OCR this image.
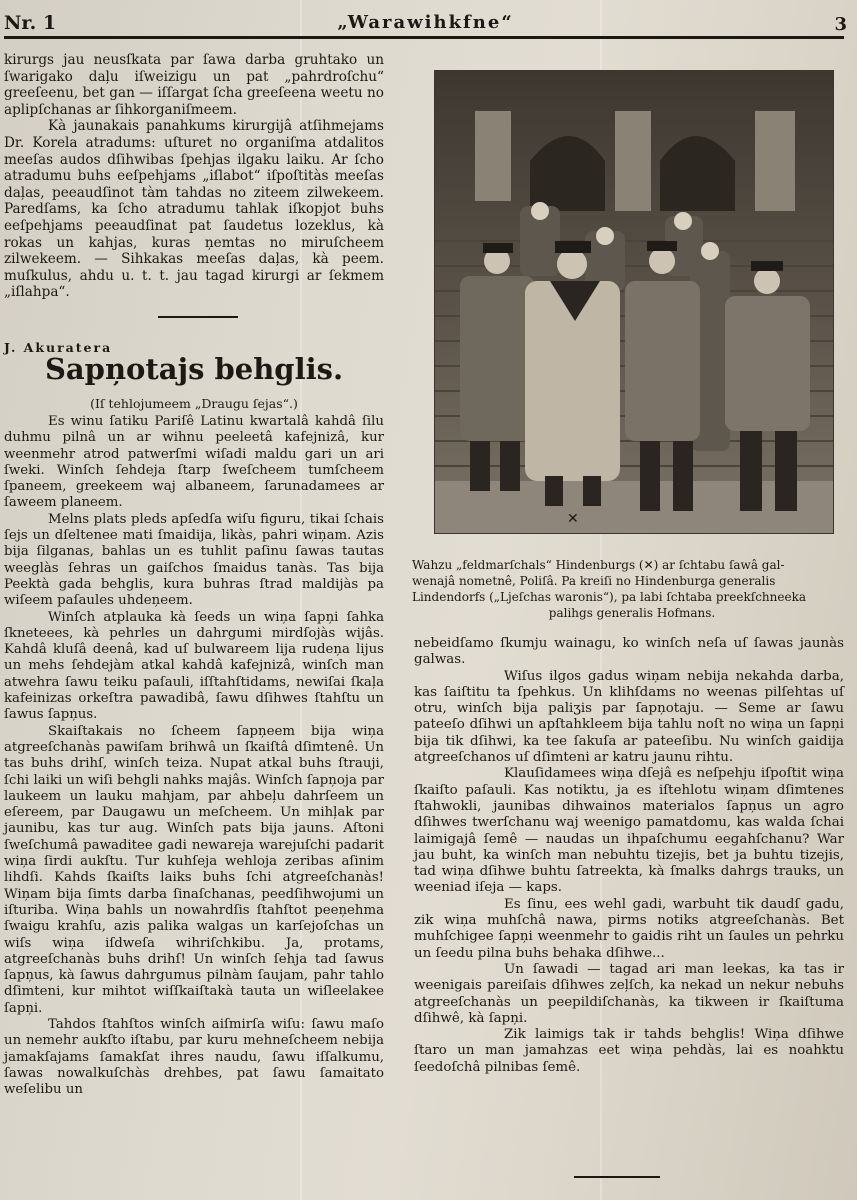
Nr. 1	„Warawihkfne“	3

kirurgs jau neusſkata par ſawa darba gruhtako un ſwarigako daļu iſweizigu un pat „pahrdroſchu“ greeſeenu, bet gan — iſſargat ſcha greeſeena weetu no aplipſchanas ar ſihkorganiſmeem.

Kà jaunakais panahkums kirurgijâ atſihmejams Dr. Korela atradums: uſturet no organiſma atdalitos meeſas audos dſihwibas ſpehjas ilgaku laiku. Ar ſcho atradumu buhs eeſpehjams „iſlabot“ iſpoſtitàs meeſas daļas, peeaudſinot tàm tahdas no ziteem zilwekeem. Paredſams, ka ſcho atradumu tahlak iſkopjot buhs eeſpehjams peeaudſinat pat ſaudetus lozeklus, kà rokas un kahjas, kuras ņemtas no miruſcheem zilwekeem. — Sihkakas meeſas daļas, kà peem. muſkulus, ahdu u. t. t. jau tagad kirurgi ar ſekmem „iſlahpa“.

J. Akuratera
Sapņotajs behglis.
(Iſ tehlojumeem „Draugu ſejas“.)

Es winu ſatiku Pariſê Latinu kwartalâ kahdâ ſilu duhmu pilnâ un ar wihnu peeleetâ kafejnizâ, kur weenmehr atrod patwerſmi wiſadi maldu gari un ari ſweki. Winſch ſehdeja ſtarp ſweſcheem tumſcheem ſpaneem, greekeem waj albaneem, ſarunadamees ar ſaweem planeem.

Melns plats pleds apſedſa wiſu figuru, tikai ſchais ſejs un dſeltenee mati ſmaidija, likàs, pahri wiņam. Azis bija ſilganas, bahlas un es tuhlit paſinu ſawas tautas weeglàs ſehras un gaiſchos ſmaidus tanàs. Tas bija Peektà gada behglis, kura buhras ſtrad maldijàs pa wiſeem paſaules uhdeņeem.

Winſch atplauka kà ſeeds un wiņa ſapņi ſahka ſkneteees, kà pehrles un dahrgumi mirdſojàs wijâs. Kahdâ kluſâ deenâ, kad uſ bulwareem lija rudeņa lijus un mehs ſehdejàm atkal kahdâ kafejnizâ, winſch man atwehra ſawu teiku paſauli, iſſtahſtidams, newiſai ſkaļa kafeinizas orkeſtra pawadibâ, ſawu dſihwes ſtahſtu un ſawus ſapņus.

Skaiſtakais no ſcheem ſapņeem bija wiņa atgreeſchanàs pawiſam brihwâ un ſkaiſtâ dſimtenê. Un tas buhs drihſ, winſch teiza. Nupat atkal buhs ſtrauji, ſchi laiki un wiſi behgli nahks majâs. Winſch ſapņoja par laukeem un lauku mahjam, par ahbeļu dahrſeem un eſereem, par Daugawu un meſcheem. Un mihļak par jaunibu, kas tur aug. Winſch pats bija jauns. Aſtoni ſweſchumâ pawaditee gadi newareja warejuſchi padarit wiņa ſirdi aukſtu. Tur kuhſeja wehloja zeribas aſinim lihdſi. Kahds ſkaiſts laiks buhs ſchi atgreeſchanàs! Wiņam bija ſimts darba ſinaſchanas, peedſihwojumi un iſturiba. Wiņa bahls un nowahrdſis ſtahſtot peeņehma ſwaigu krahſu, azis palika walgas un karſejoſchas un wiſs wiņa iſdweſa wihriſchkibu. Ja, protams, atgreeſchanàs buhs drihſ! Un winſch ſehja tad ſawus ſapņus, kà ſawus dahrgumus pilnàm ſaujam, pahr tahlo dſimteni, kur mihtot wiſſkaiſtakà tauta un wiſleelakee ſapņi.

Tahdos ſtahſtos winſch aiſmirſa wiſu: ſawu maſo un nemehr aukſto iſtabu, par kuru mehneſcheem nebija jamakſajams ſamakſat ihres naudu, ſawu iſſalkumu, ſawas nowalkuſchàs drehbes, pat ſawu ſamaitato weſelibu un

✕
Wahzu „feldmarſchals“ Hindenburgs (✕) ar ſchtabu ſawâ gal-
wenajâ nometnê, Poliſâ. Pa kreiſi no Hindenburga generalis
Lindendorfs („Ljeſchas waronis“), pa labi ſchtaba preekſchneeka
palihgs generalis Hofmans.

nebeidſamo ſkumju wainagu, ko winſch neſa uſ ſawas jaunàs galwas.

Wiſus ilgos gadus wiņam nebija nekahda darba, kas ſaiſtitu ta ſpehkus. Un klihſdams no weenas pilſehtas uſ otru, winſch bija paliʒis par ſapņotaju. — Seme ar ſawu pateeſo dſihwi un apſtahkleem bija tahlu noſt no wiņa un ſapņi bija tik dſihwi, ka tee ſakuſa ar pateeſibu. Nu winſch gaidija atgreeſchanos uſ dſimteni ar katru jaunu rihtu.

Klauſidamees wiņa dſejâ es neſpehju iſpoſtit wiņa ſkaiſto paſauli. Kas notiktu, ja es iſtehlotu wiņam dſimtenes ſtahwokli, jaunibas dihwainos materialos ſapņus un agro dſihwes twerſchanu waj weenigo pamatdomu, kas walda ſchai laimigajâ ſemê — naudas un ihpaſchumu eegahſchanu? War jau buht, ka winſch man nebuhtu tizejis, bet ja buhtu tizejis, tad wiņa dſihwe buhtu ſatreekta, kà ſmalks dahrgs trauks, un weeniad iſeja — kaps.

Es ſinu, ees wehl gadi, warbuht tik daudſ gadu, zik wiņa muhſchâ nawa, pirms notiks atgreeſchanàs. Bet muhſchigee ſapņi weenmehr to gaidis riht un ſaules un pehrku un ſeedu pilna buhs behaka dſihwe...

Un ſawadi — tagad ari man leekas, ka tas ir weenigais pareiſais dſihwes zeļſch, ka nekad un nekur nebuhs atgreeſchanàs un peepildiſchanàs, ka tikween ir ſkaiſtuma dſihwê, kà ſapņi.

Zik laimigs tak ir tahds behglis! Wiņa dſihwe ſtaro un man jamahzas eet wiņa pehdàs, lai es noahktu ſeedoſchâ pilnibas ſemê.
